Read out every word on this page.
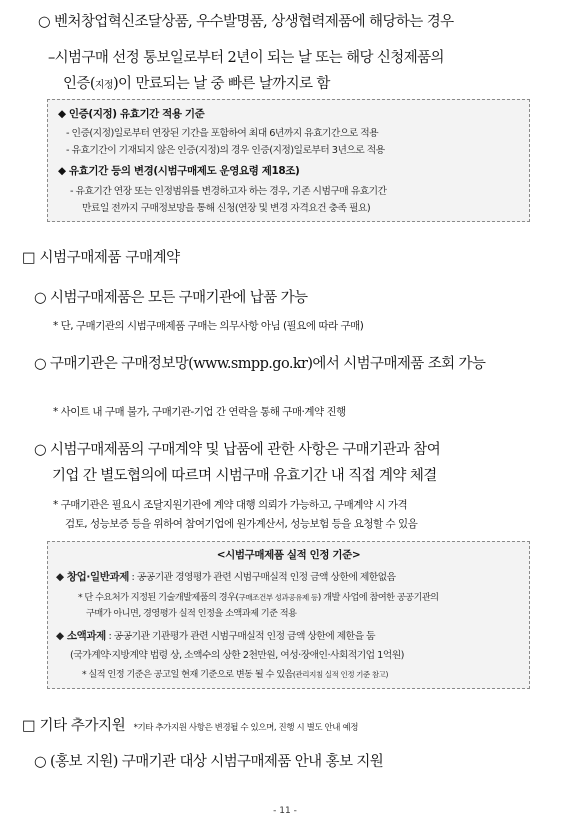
○ 벤처창업혁신조달상품, 우수발명품, 상생협력제품에 해당하는 경우
–시범구매 선정 통보일로부터 2년이 되는 날 또는 해당 신청제품의
인증(지정)이 만료되는 날 중 빠른 날까지로 함
◆ 인증(지정) 유효기간 적용 기준
- 인증(지정)일로부터 연장된 기간을 포함하여 최대 6년까지 유효기간으로 적용
- 유효기간이 기재되지 않은 인증(지정)의 경우 인증(지정)일로부터 3년으로 적용
◆ 유효기간 등의 변경(시범구매제도 운영요령 제18조)
- 유효기간 연장 또는 인정범위를 변경하고자 하는 경우, 기존 시범구매 유효기간
만료일 전까지 구매정보망을 통해 신청(연장 및 변경 자격요건 충족 필요)
□ 시범구매제품 구매계약
○ 시범구매제품은 모든 구매기관에 납품 가능
* 단, 구매기관의 시범구매제품 구매는 의무사항 아님 (필요에 따라 구매)
○ 구매기관은 구매정보망(www.smpp.go.kr)에서 시범구매제품 조회 가능
* 사이트 내 구매 불가, 구매기관-기업 간 연락을 통해 구매·계약 진행
○ 시범구매제품의 구매계약 및 납품에 관한 사항은 구매기관과 참여
기업 간 별도협의에 따르며 시범구매 유효기간 내 직접 계약 체결
* 구매기관은 필요시 조달지원기관에 계약 대행 의뢰가 가능하고, 구매계약 시 가격
검토, 성능보증 등을 위하여 참여기업에 원가계산서, 성능보험 등을 요청할 수 있음
<시범구매제품 실적 인정 기준>
◆ 창업·일반과제 : 공공기관 경영평가 관련 시범구매실적 인정 금액 상한에 제한없음
* 단 수요처가 지정된 기술개발제품의 경우(구매조건부 성과공유제 등) 개발 사업에 참여한 공공기관의
구매가 아니면, 경영평가 실적 인정을 소액과제 기준 적용
◆ 소액과제 : 공공기관 기관평가 관련 시범구매실적 인정 금액 상한에 제한을 둠
(국가계약·지방계약 법령 상, 소액수의 상한 2천만원, 여성·장애인·사회적기업 1억원)
* 실적 인정 기준은 공고일 현재 기준으로 변동 될 수 있음(관리지침 실적 인정 기준 참고)
□ 기타 추가지원 *기타 추가지원 사항은 변경될 수 있으며, 진행 시 별도 안내 예정
○ (홍보 지원) 구매기관 대상 시범구매제품 안내 홍보 지원
- 11 -
